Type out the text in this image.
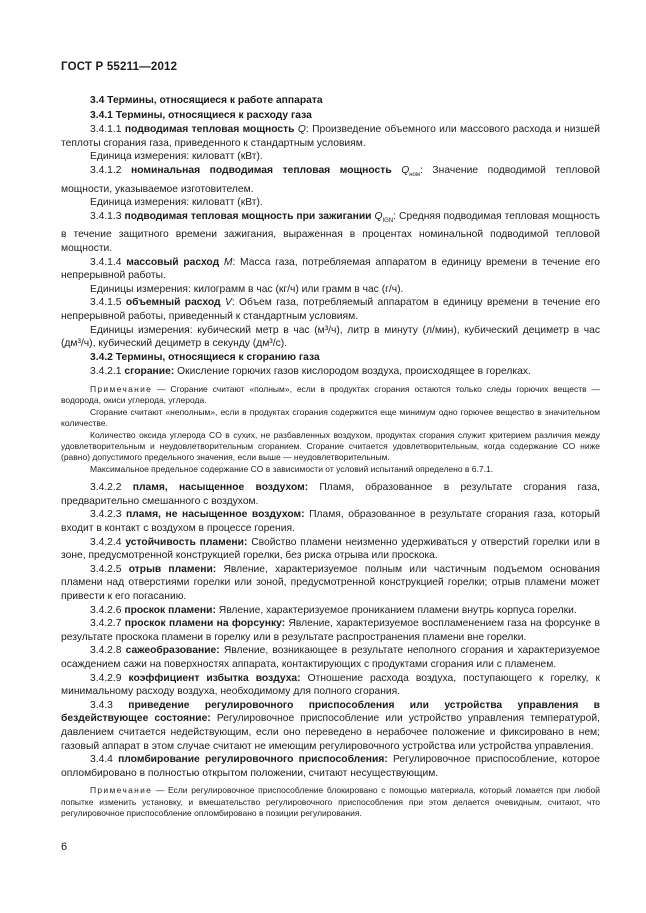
ГОСТ Р 55211—2012

3.4 Термины, относящиеся к работе аппарата

3.4.1 Термины, относящиеся к расходу газа

3.4.1.1 подводимая тепловая мощность Q: Произведение объемного или массового расхода и низшей теплоты сгорания газа, приведенного к стандартным условиям.

Единица измерения: киловатт (кВт).

3.4.1.2 номинальная подводимая тепловая мощность $Q_{ном}$: Значение подводимой тепловой мощности, указываемое изготовителем.

Единица измерения: киловатт (кВт).

3.4.1.3 подводимая тепловая мощность при зажигании $Q_{IGN}$: Средняя подводимая тепловая мощность в течение защитного времени зажигания, выраженная в процентах номинальной подводимой тепловой мощности.

3.4.1.4 массовый расход M: Масса газа, потребляемая аппаратом в единицу времени в течение его непрерывной работы.

Единицы измерения: килограмм в час (кг/ч) или грамм в час (г/ч).

3.4.1.5 объемный расход V: Объем газа, потребляемый аппаратом в единицу времени в течение его непрерывной работы, приведенный к стандартным условиям.

Единицы измерения: кубический метр в час (м³/ч), литр в минуту (л/мин), кубический дециметр в час (дм³/ч), кубический дециметр в секунду (дм³/с).

3.4.2 Термины, относящиеся к сгоранию газа

3.4.2.1 сгорание: Окисление горючих газов кислородом воздуха, происходящее в горелках.

Примечание — Сгорание считают «полным», если в продуктах сгорания остаются только следы горючих веществ — водорода, окиси углерода, углерода.

Сгорание считают «неполным», если в продуктах сгорания содержится еще минимум одно горючее вещество в значительном количестве.

Количество оксида углерода CO в сухих, не разбавленных воздухом, продуктах сгорания служит критерием различия между удовлетворительным и неудовлетворительным сгоранием. Сгорание считается удовлетворительным, когда содержание CO ниже (равно) допустимого предельного значения, если выше — неудовлетворительным.

Максимальное предельное содержание CO в зависимости от условий испытаний определено в 6.7.1.

3.4.2.2 пламя, насыщенное воздухом: Пламя, образованное в результате сгорания газа, предварительно смешанного с воздухом.

3.4.2.3 пламя, не насыщенное воздухом: Пламя, образованное в результате сгорания газа, который входит в контакт с воздухом в процессе горения.

3.4.2.4 устойчивость пламени: Свойство пламени неизменно удерживаться у отверстий горелки или в зоне, предусмотренной конструкцией горелки, без риска отрыва или проскока.

3.4.2.5 отрыв пламени: Явление, характеризуемое полным или частичным подъемом основания пламени над отверстиями горелки или зоной, предусмотренной конструкцией горелки; отрыв пламени может привести к его погасанию.

3.4.2.6 проскок пламени: Явление, характеризуемое прониканием пламени внутрь корпуса горелки.

3.4.2.7 проскок пламени на форсунку: Явление, характеризуемое воспламенением газа на форсунке в результате проскока пламени в горелку или в результате распространения пламени вне горелки.

3.4.2.8 сажеобразование: Явление, возникающее в результате неполного сгорания и характеризуемое осаждением сажи на поверхностях аппарата, контактирующих с продуктами сгорания или с пламенем.

3.4.2.9 коэффициент избытка воздуха: Отношение расхода воздуха, поступающего к горелку, к минимальному расходу воздуха, необходимому для полного сгорания.

3.4.3 приведение регулировочного приспособления или устройства управления в бездействующее состояние: Регулировочное приспособление или устройство управления температурой, давлением считается недействующим, если оно переведено в нерабочее положение и фиксировано в нем; газовый аппарат в этом случае считают не имеющим регулировочного устройства или устройства управления.

3.4.4 пломбирование регулировочного приспособления: Регулировочное приспособление, которое опломбировано в полностью открытом положении, считают несуществующим.

Примечание — Если регулировочное приспособление блокировано с помощью материала, который ломается при любой попытке изменить установку, и вмешательство регулировочного приспособления при этом делается очевидным, считают, что регулировочное приспособление опломбировано в позиции регулирования.

6
